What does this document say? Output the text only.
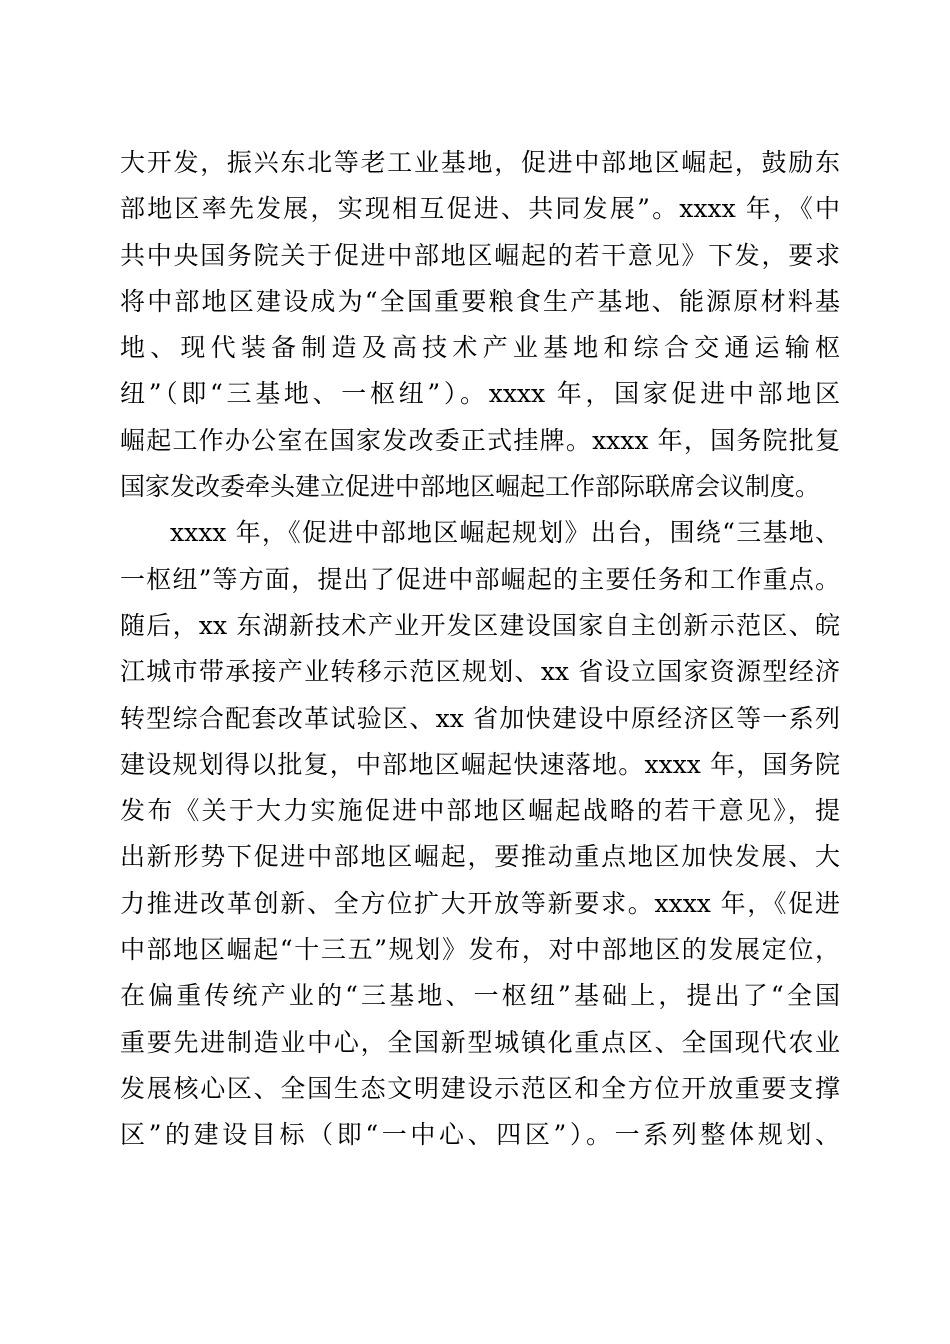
大开发，振兴东北等老工业基地，促进中部地区崛起，鼓励东
部地区率先发展，实现相互促进、共同发展”。xxxx 年，《中
共中央国务院关于促进中部地区崛起的若干意见》下发，要求
将中部地区建设成为“全国重要粮食生产基地、能源原材料基
地、现代装备制造及高技术产业基地和综合交通运输枢
纽”（即“三基地、一枢纽”）。xxxx 年，国家促进中部地区
崛起工作办公室在国家发改委正式挂牌。xxxx 年，国务院批复
国家发改委牵头建立促进中部地区崛起工作部际联席会议制度。
xxxx 年，《促进中部地区崛起规划》出台，围绕“三基地、
一枢纽”等方面，提出了促进中部崛起的主要任务和工作重点。
随后，xx 东湖新技术产业开发区建设国家自主创新示范区、皖
江城市带承接产业转移示范区规划、xx 省设立国家资源型经济
转型综合配套改革试验区、xx 省加快建设中原经济区等一系列
建设规划得以批复，中部地区崛起快速落地。xxxx 年，国务院
发布《关于大力实施促进中部地区崛起战略的若干意见》，提
出新形势下促进中部地区崛起，要推动重点地区加快发展、大
力推进改革创新、全方位扩大开放等新要求。xxxx 年，《促进
中部地区崛起“十三五”规划》发布，对中部地区的发展定位，
在偏重传统产业的“三基地、一枢纽”基础上，提出了“全国
重要先进制造业中心，全国新型城镇化重点区、全国现代农业
发展核心区、全国生态文明建设示范区和全方位开放重要支撑
区”的建设目标（即“一中心、四区”）。一系列整体规划、
